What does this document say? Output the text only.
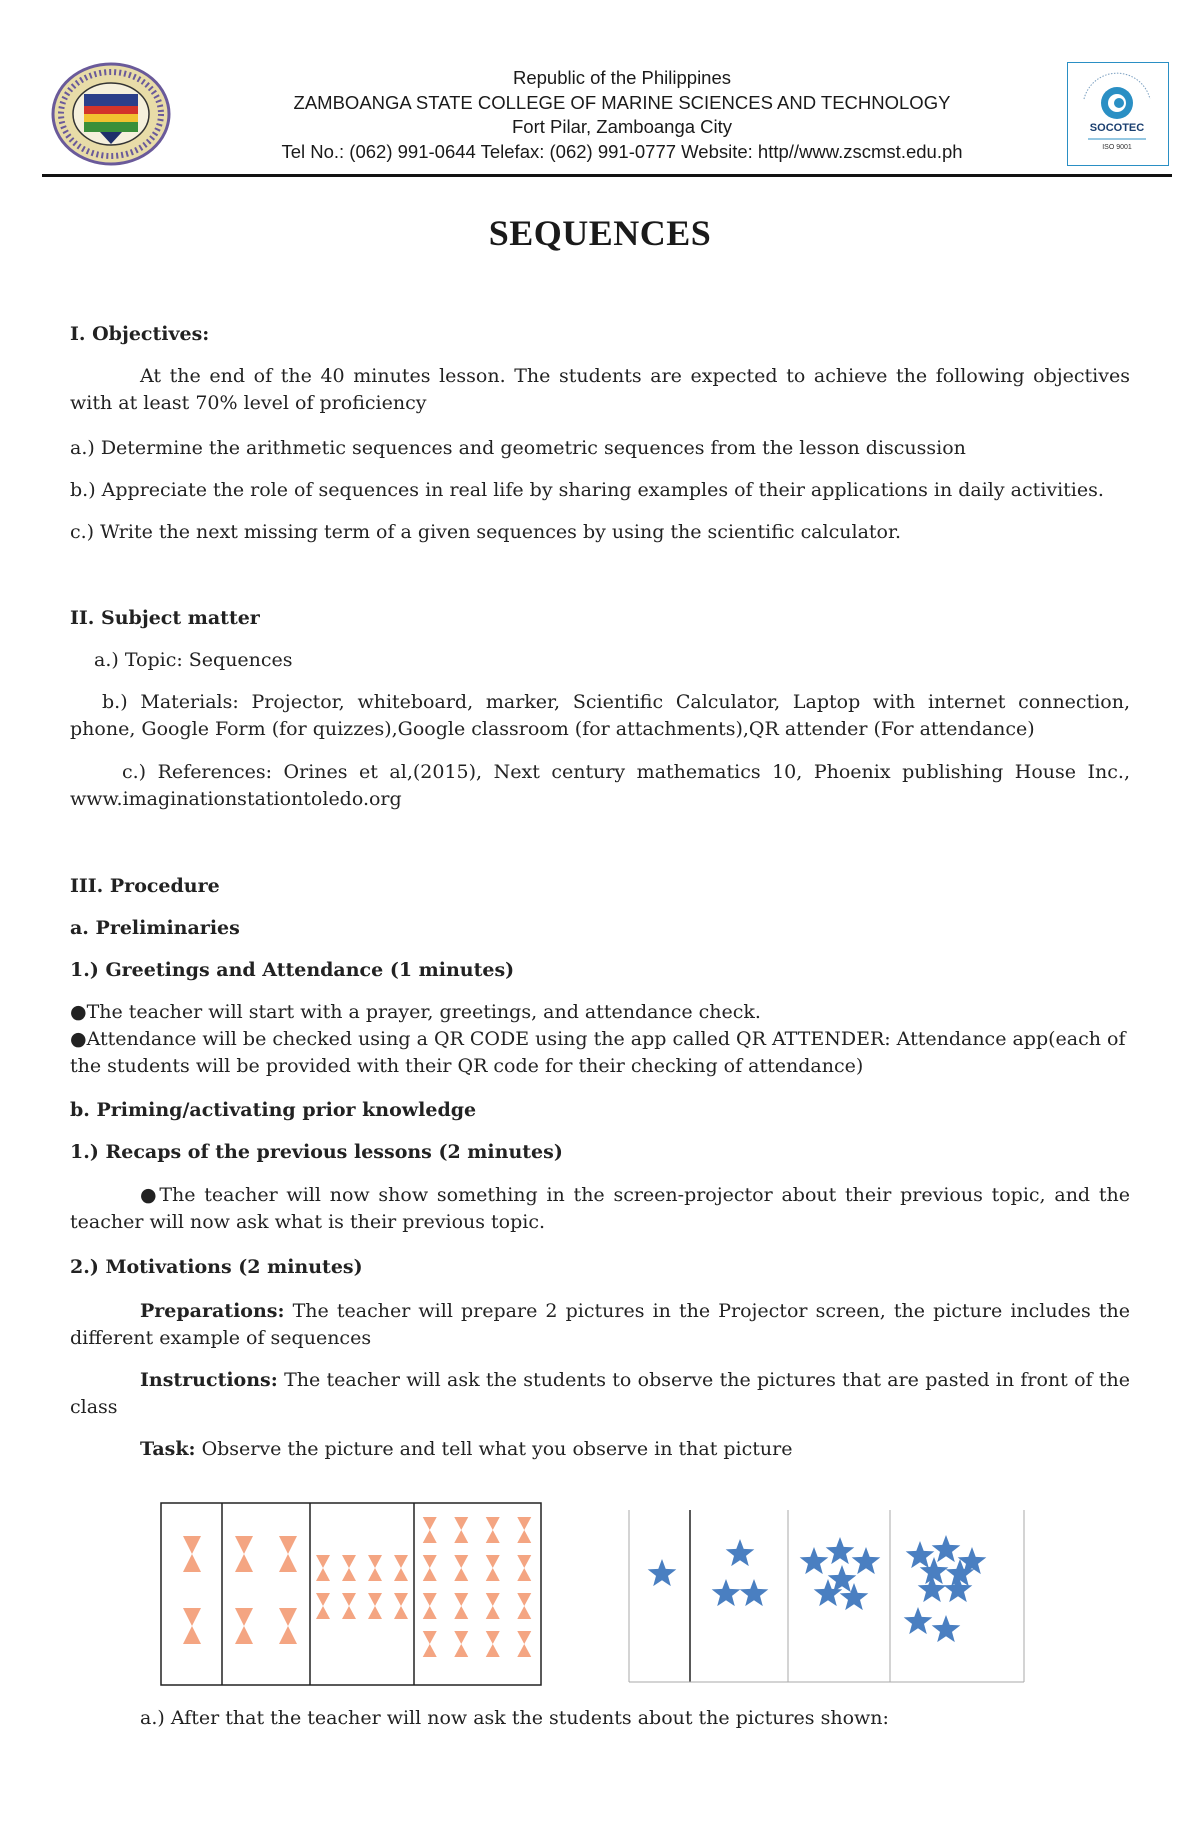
Republic of the Philippines
ZAMBOANGA STATE COLLEGE OF MARINE SCIENCES AND TECHNOLOGY
Fort Pilar, Zamboanga City
Tel No.: (062) 991-0644 Telefax: (062) 991-0777 Website: http//www.zscmst.edu.ph
SOCOTEC
ISO 9001
SEQUENCES
I. Objectives:
At the end of the 40 minutes lesson. The students are expected to achieve the following objectives with at least 70% level of proficiency
a.) Determine the arithmetic sequences and geometric sequences from the lesson discussion
b.) Appreciate the role of sequences in real life by sharing examples of their applications in daily activities.
c.) Write the next missing term of a given sequences by using the scientific calculator.
II. Subject matter
a.) Topic: Sequences
b.) Materials: Projector, whiteboard, marker, Scientific Calculator, Laptop with internet connection, phone, Google Form (for quizzes),Google classroom (for attachments),QR attender (For attendance)
c.) References: Orines et al,(2015), Next century mathematics 10, Phoenix publishing House Inc., www.imaginationstationtoledo.org
III. Procedure
a. Preliminaries
1.) Greetings and Attendance (1 minutes)
●The teacher will start with a prayer, greetings, and attendance check.
●Attendance will be checked using a QR CODE using the app called QR ATTENDER: Attendance app(each of the students will be provided with their QR code for their checking of attendance)
b. Priming/activating prior knowledge
1.) Recaps of the previous lessons (2 minutes)
●The teacher will now show something in the screen-projector about their previous topic, and the teacher will now ask what is their previous topic.
2.) Motivations (2 minutes)
Preparations: The teacher will prepare 2 pictures in the Projector screen, the picture includes the different example of sequences
Instructions: The teacher will ask the students to observe the pictures that are pasted in front of the class
Task: Observe the picture and tell what you observe in that picture
a.) After that the teacher will now ask the students about the pictures shown:
